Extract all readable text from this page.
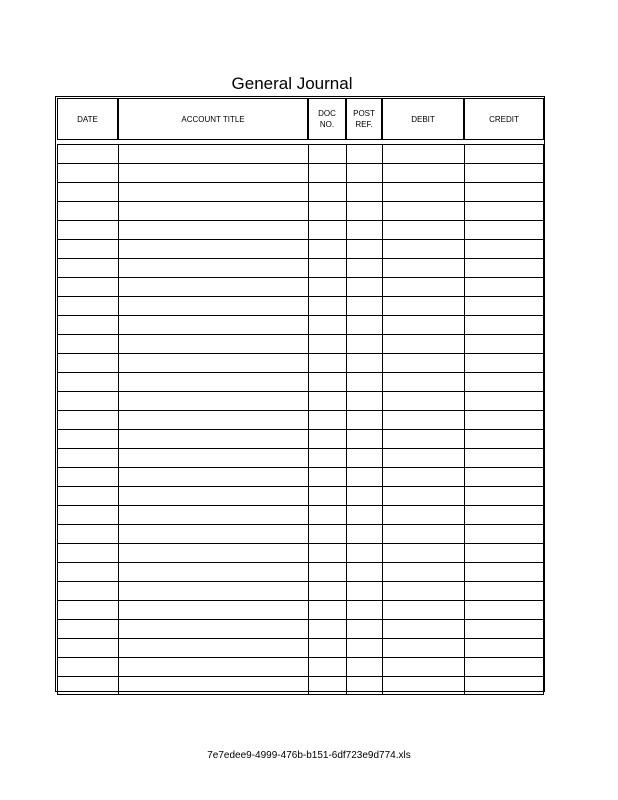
General Journal
DATE	ACCOUNT TITLE
DOC
NO.
POST
REF.
DEBIT	CREDIT
7e7edee9-4999-476b-b151-6df723e9d774.xls
